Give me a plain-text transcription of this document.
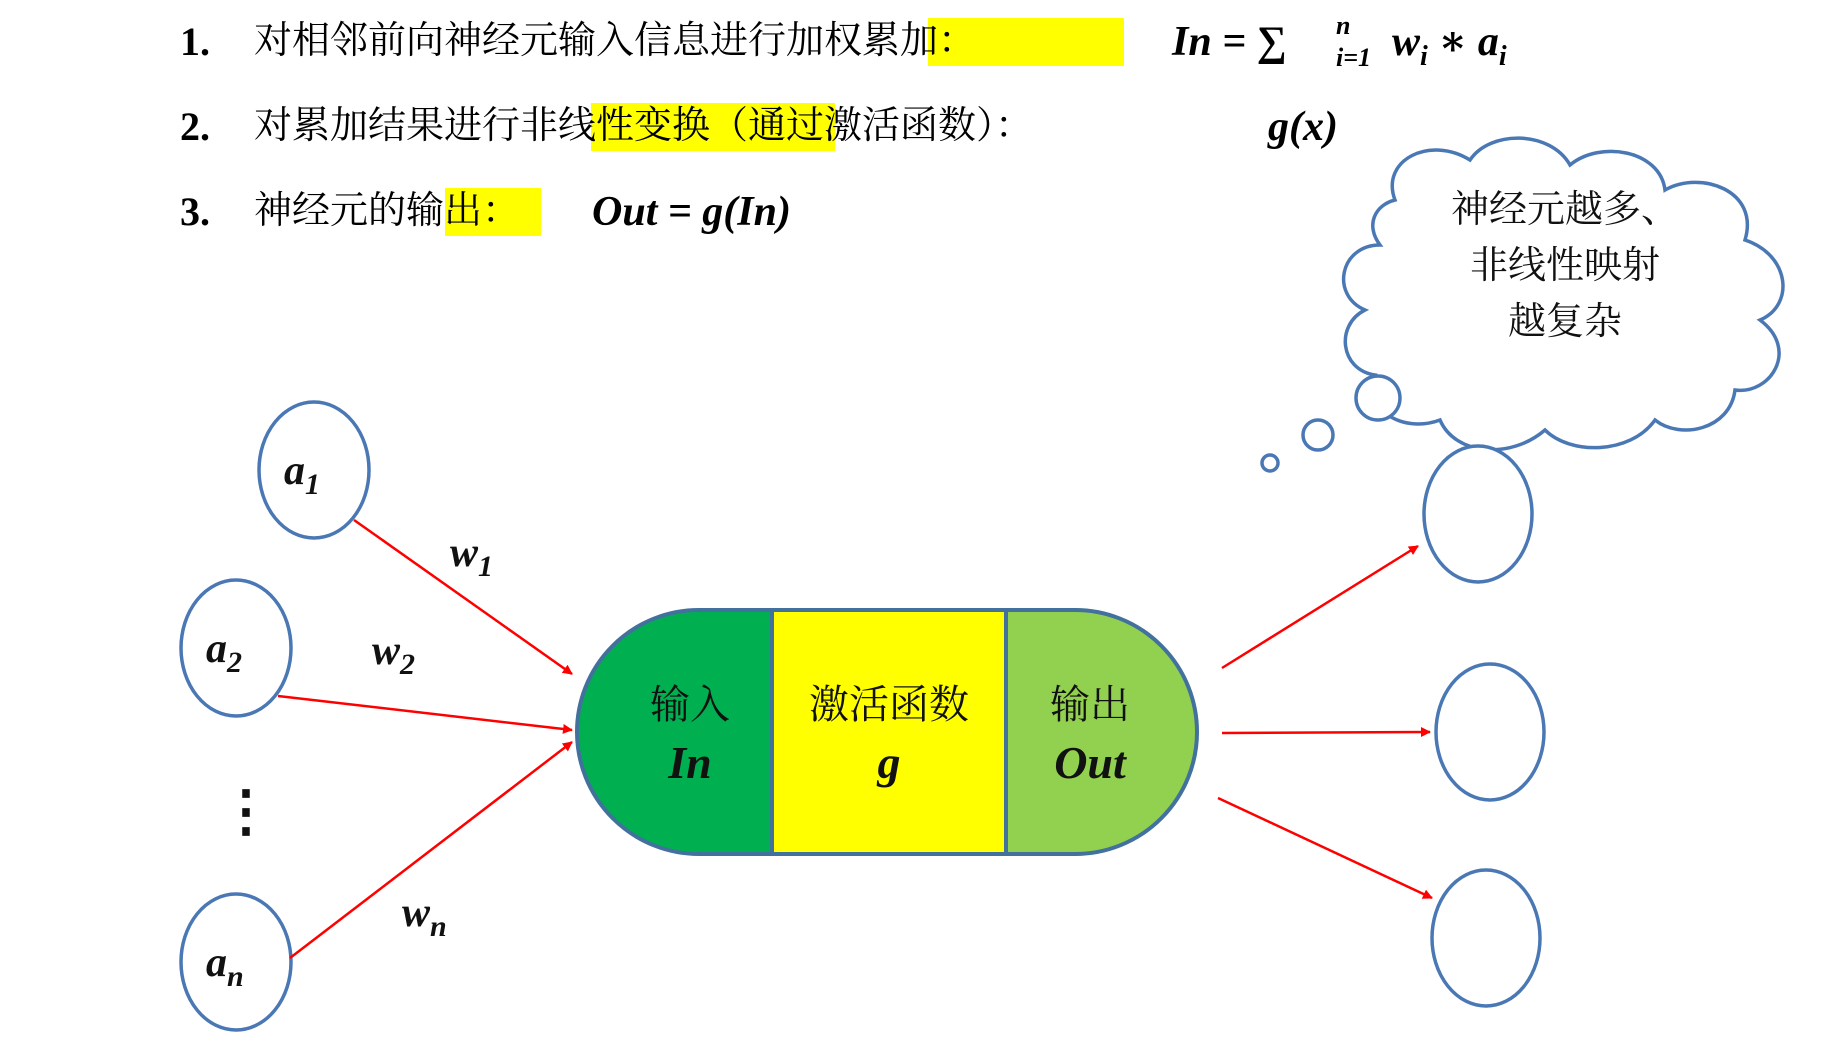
1. 对相邻前向神经元输入信息进行加权累加：	In = ∑ n
i=1 $w_i$ ∗ $a_i$
2. 对累加结果进行非线性变换（通过激活函数）：	g(x)
3. 神经元的输出： Out = g(In)	神经元越多、
非线性映射
越复杂
$a_1$
$a_2$
$a_n$
⋮
$w_1$
$w_2$
$w_n$
输入
In
激活函数
g
输出
Out
